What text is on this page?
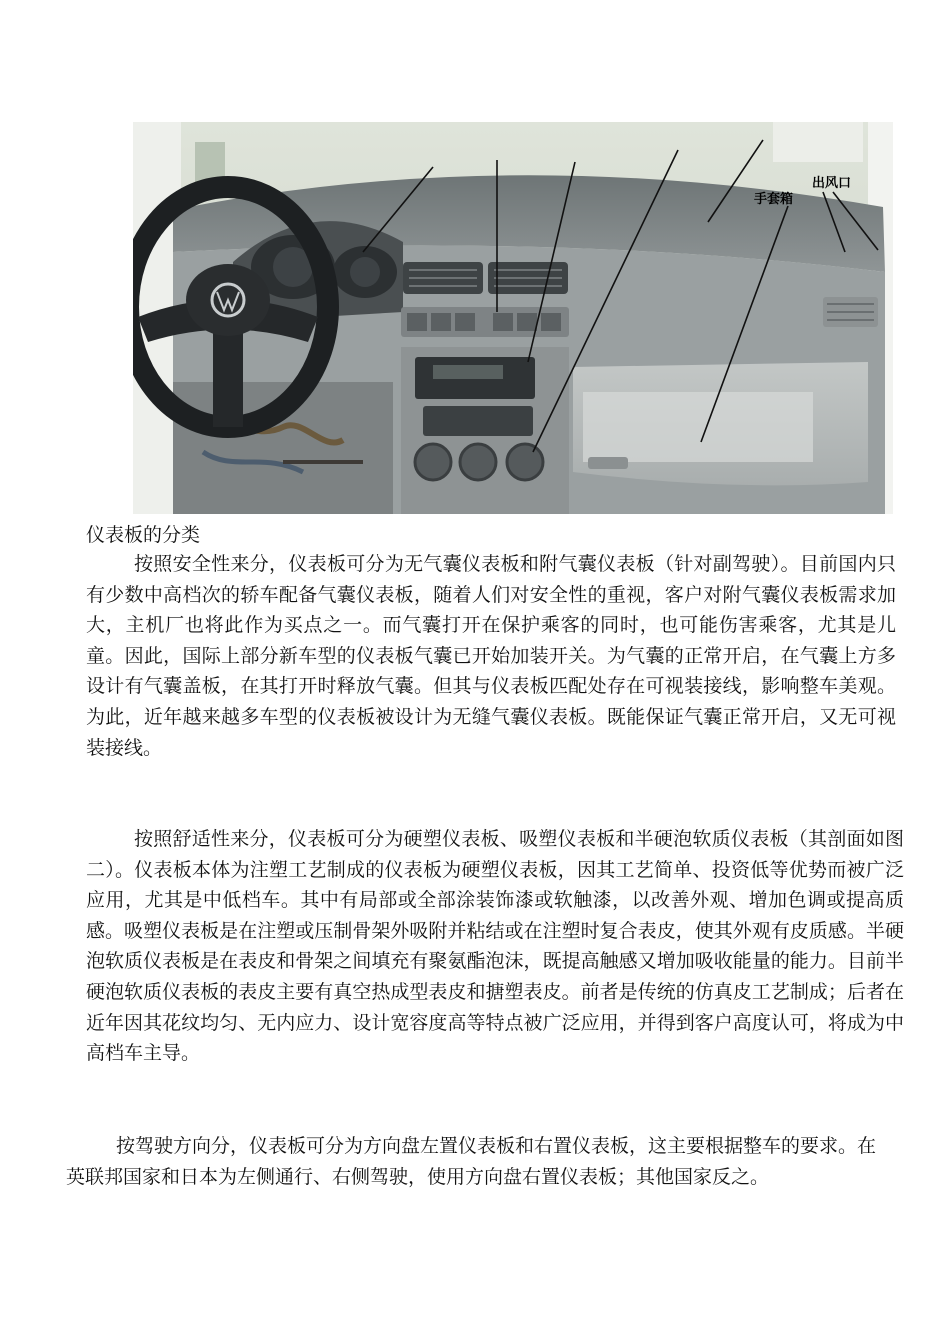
手套箱
出风口
仪表板的分类

按照安全性来分，仪表板可分为无气囊仪表板和附气囊仪表板（针对副驾驶）。目前国内只有少数中高档次的轿车配备气囊仪表板，随着人们对安全性的重视，客户对附气囊仪表板需求加大，主机厂也将此作为买点之一。而气囊打开在保护乘客的同时，也可能伤害乘客，尤其是儿童。因此，国际上部分新车型的仪表板气囊已开始加装开关。为气囊的正常开启，在气囊上方多设计有气囊盖板，在其打开时释放气囊。但其与仪表板匹配处存在可视装接线，影响整车美观。为此，近年越来越多车型的仪表板被设计为无缝气囊仪表板。既能保证气囊正常开启，又无可视装接线。

按照舒适性来分，仪表板可分为硬塑仪表板、吸塑仪表板和半硬泡软质仪表板（其剖面如图二）。仪表板本体为注塑工艺制成的仪表板为硬塑仪表板，因其工艺简单、投资低等优势而被广泛应用，尤其是中低档车。其中有局部或全部涂装饰漆或软触漆，以改善外观、增加色调或提高质感。吸塑仪表板是在注塑或压制骨架外吸附并粘结或在注塑时复合表皮，使其外观有皮质感。半硬泡软质仪表板是在表皮和骨架之间填充有聚氨酯泡沫，既提高触感又增加吸收能量的能力。目前半硬泡软质仪表板的表皮主要有真空热成型表皮和搪塑表皮。前者是传统的仿真皮工艺制成；后者在近年因其花纹均匀、无内应力、设计宽容度高等特点被广泛应用，并得到客户高度认可，将成为中高档车主导。

按驾驶方向分，仪表板可分为方向盘左置仪表板和右置仪表板，这主要根据整车的要求。在英联邦国家和日本为左侧通行、右侧驾驶，使用方向盘右置仪表板；其他国家反之。
